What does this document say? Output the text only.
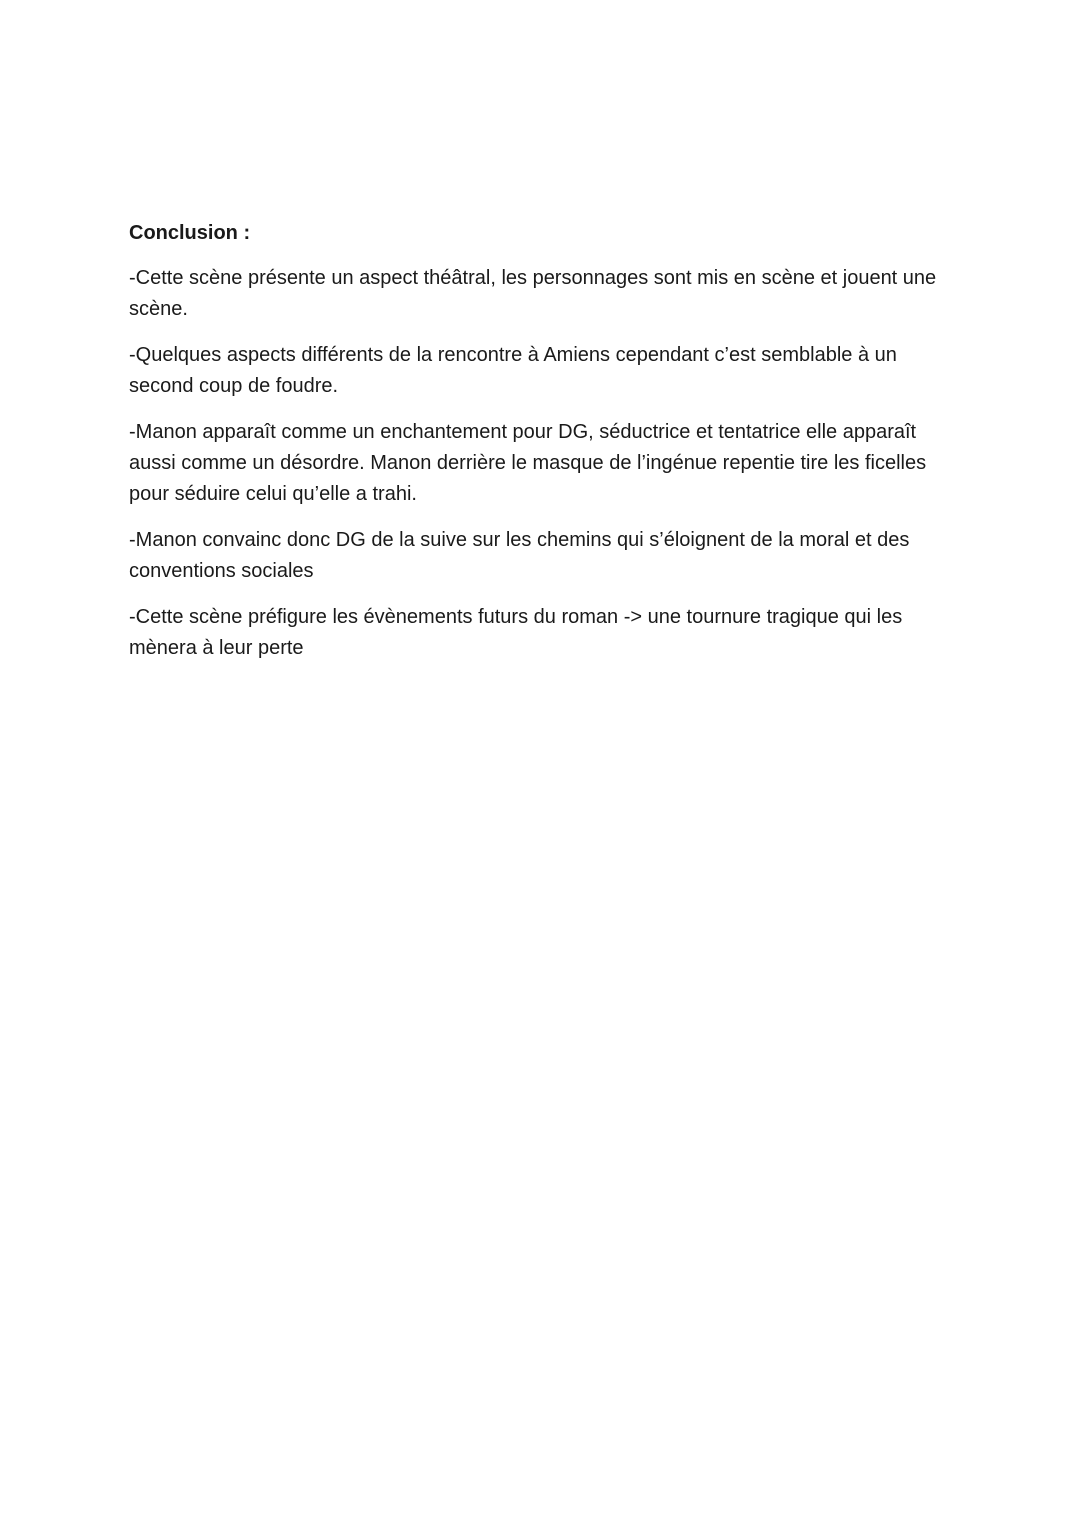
Conclusion :

-Cette scène présente un aspect théâtral, les personnages sont mis en scène et jouent une scène.

-Quelques aspects différents de la rencontre à Amiens cependant c’est semblable à un second coup de foudre.

-Manon apparaît comme un enchantement pour DG, séductrice et tentatrice elle apparaît aussi comme un désordre. Manon derrière le masque de l’ingénue repentie tire les ficelles pour séduire celui qu’elle a trahi.

-Manon convainc donc DG de la suive sur les chemins qui s’éloignent de la moral et des conventions sociales

-Cette scène préfigure les évènements futurs du roman -> une tournure tragique qui les mènera à leur perte
